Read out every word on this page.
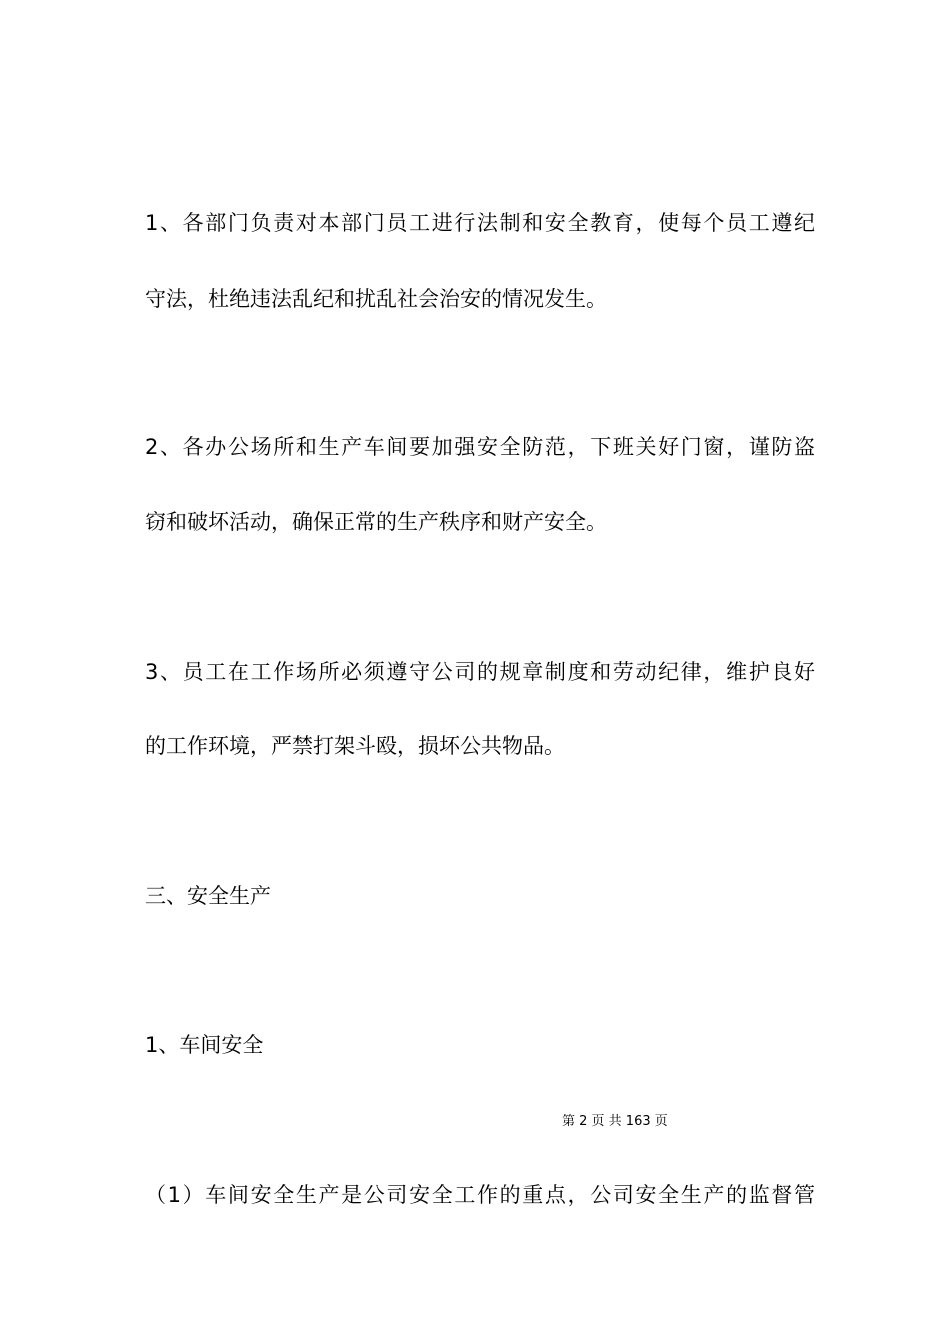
1、各部门负责对本部门员工进行法制和安全教育，使每个员工遵纪
守法，杜绝违法乱纪和扰乱社会治安的情况发生。
2、各办公场所和生产车间要加强安全防范，下班关好门窗，谨防盗
窃和破坏活动，确保正常的生产秩序和财产安全。
3、员工在工作场所必须遵守公司的规章制度和劳动纪律，维护良好
的工作环境，严禁打架斗殴，损坏公共物品。
三、安全生产
1、车间安全
第 2 页 共 163 页
（1）车间安全生产是公司安全工作的重点，公司安全生产的监督管
